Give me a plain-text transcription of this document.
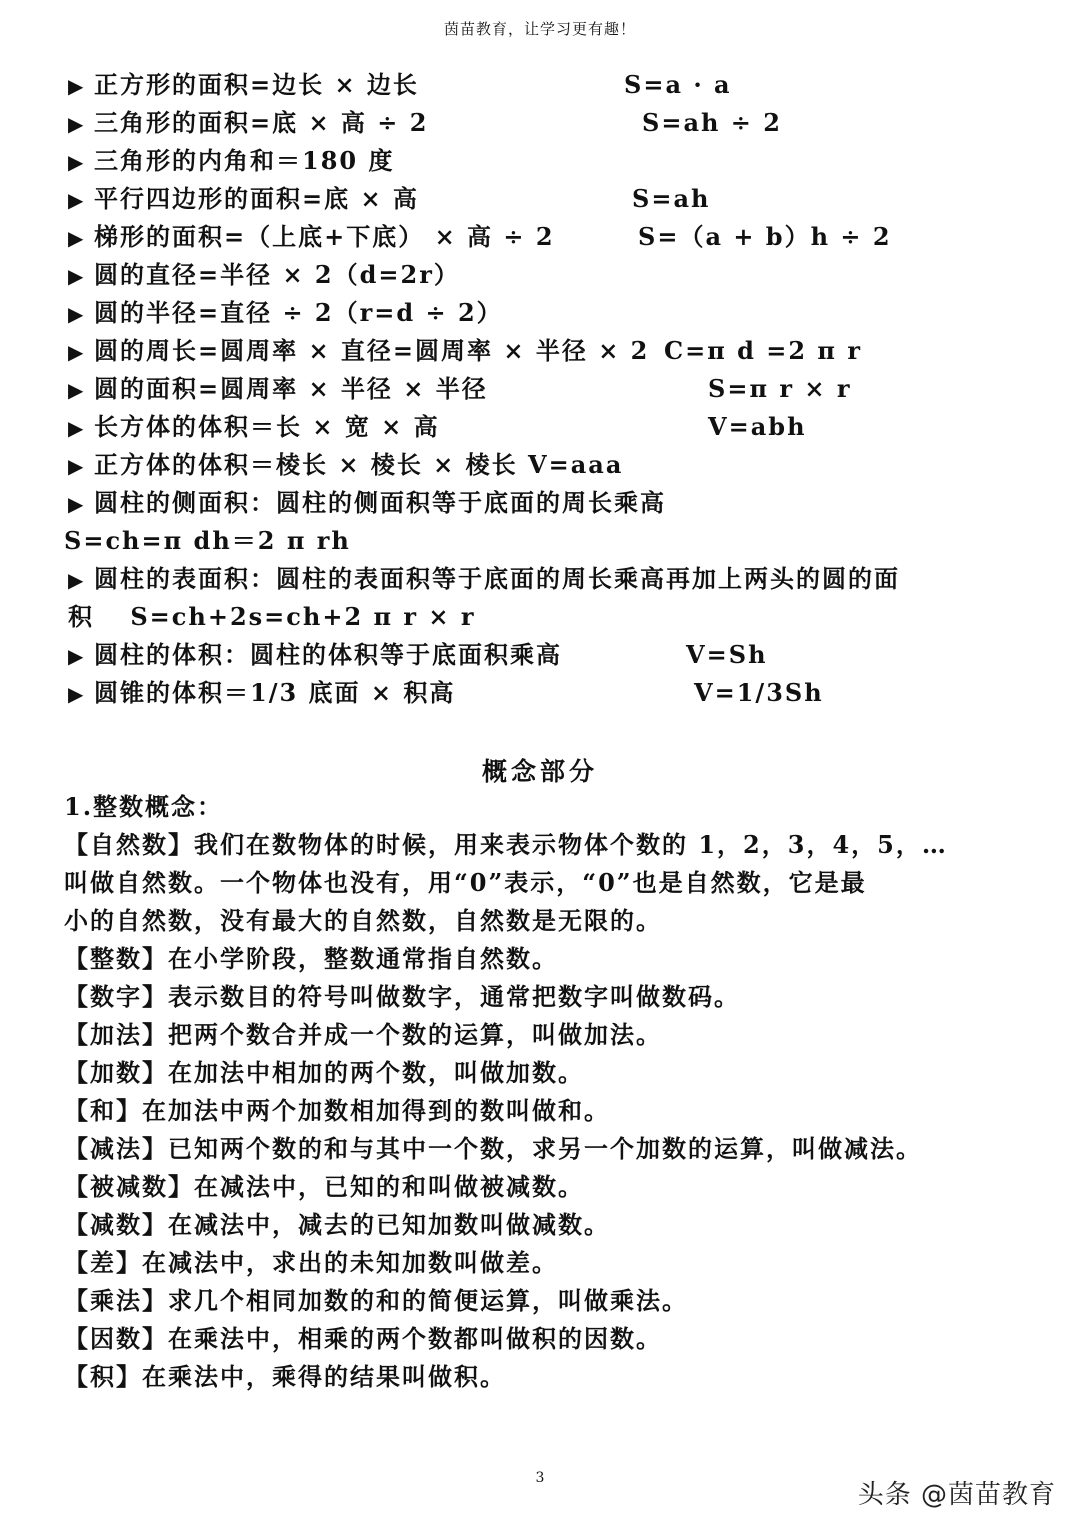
茵苗教育，让学习更有趣！
▶ 正方形的面积=边长 × 边长	S=a · a
▶ 三角形的面积=底 × 高 ÷ 2	S=ah ÷ 2
▶ 三角形的内角和＝180 度
▶ 平行四边形的面积=底 × 高	S=ah
▶ 梯形的面积=（上底+下底） × 高 ÷ 2	S=（a + b）h ÷ 2
▶ 圆的直径=半径 × 2（d=2r）
▶ 圆的半径=直径 ÷ 2（r=d ÷ 2）
▶ 圆的周长=圆周率 × 直径=圆周率 × 半径 × 2 C=π d =2 π r
▶ 圆的面积=圆周率 × 半径 × 半径	S=π r × r
▶ 长方体的体积＝长 × 宽 × 高	V=abh
▶ 正方体的体积＝棱长 × 棱长 × 棱长 V=aaa
▶ 圆柱的侧面积：圆柱的侧面积等于底面的周长乘高
S=ch=π dh＝2 π rh
▶ 圆柱的表面积：圆柱的表面积等于底面的周长乘高再加上两头的圆的面
积　 S=ch+2s=ch+2 π r × r
▶ 圆柱的体积：圆柱的体积等于底面积乘高	V=Sh
▶ 圆锥的体积＝1/3 底面 × 积高	V=1/3Sh
概念部分
1.整数概念：
【自然数】我们在数物体的时候，用来表示物体个数的 1，2，3，4，5，…
叫做自然数。一个物体也没有，用“0”表示，“0”也是自然数，它是最
小的自然数，没有最大的自然数，自然数是无限的。
【整数】在小学阶段，整数通常指自然数。
【数字】表示数目的符号叫做数字，通常把数字叫做数码。
【加法】把两个数合并成一个数的运算，叫做加法。
【加数】在加法中相加的两个数，叫做加数。
【和】在加法中两个加数相加得到的数叫做和。
【减法】已知两个数的和与其中一个数，求另一个加数的运算，叫做减法。
【被减数】在减法中，已知的和叫做被减数。
【减数】在减法中，减去的已知加数叫做减数。
【差】在减法中，求出的未知加数叫做差。
【乘法】求几个相同加数的和的简便运算，叫做乘法。
【因数】在乘法中，相乘的两个数都叫做积的因数。
【积】在乘法中，乘得的结果叫做积。
3
头条 @茵苗教育
